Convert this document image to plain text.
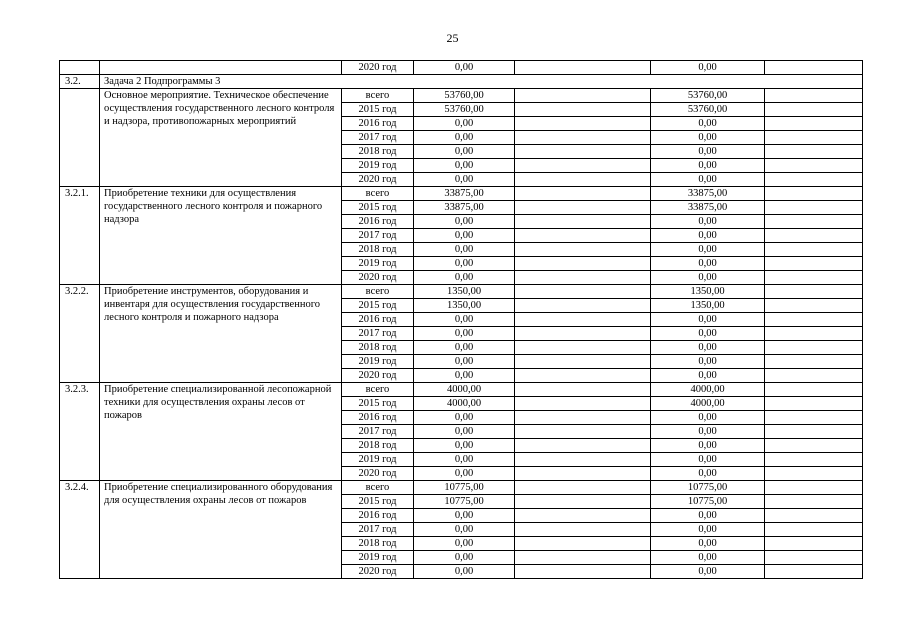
25
		2020 год	0,00		0,00	
3.2.	Задача 2 Подпрограммы 3					
	Основное мероприятие. Техническое обеспечение осуществления государственного лесного контроля и надзора, противопожарных мероприятий	всего	53760,00		53760,00	
		2015 год	53760,00		53760,00	
		2016 год	0,00		0,00	
		2017 год	0,00		0,00	
		2018 год	0,00		0,00	
		2019 год	0,00		0,00	
		2020 год	0,00		0,00	
3.2.1.	Приобретение техники для осуществления государственного лесного контроля и пожарного надзора	всего	33875,00		33875,00	
		2015 год	33875,00		33875,00	
		2016 год	0,00		0,00	
		2017 год	0,00		0,00	
		2018 год	0,00		0,00	
		2019 год	0,00		0,00	
		2020 год	0,00		0,00	
3.2.2.	Приобретение инструментов, оборудования и инвентаря для осуществления государственного лесного контроля и пожарного надзора	всего	1350,00		1350,00	
		2015 год	1350,00		1350,00	
		2016 год	0,00		0,00	
		2017 год	0,00		0,00	
		2018 год	0,00		0,00	
		2019 год	0,00		0,00	
		2020 год	0,00		0,00	
3.2.3.	Приобретение специализированной лесопожарной техники для осуществления охраны лесов от пожаров	всего	4000,00		4000,00	
		2015 год	4000,00		4000,00	
		2016 год	0,00		0,00	
		2017 год	0,00		0,00	
		2018 год	0,00		0,00	
		2019 год	0,00		0,00	
		2020 год	0,00		0,00	
3.2.4.	Приобретение специализированного оборудования для осуществления охраны лесов от пожаров	всего	10775,00		10775,00	
		2015 год	10775,00		10775,00	
		2016 год	0,00		0,00	
		2017 год	0,00		0,00	
		2018 год	0,00		0,00	
		2019 год	0,00		0,00	
		2020 год	0,00		0,00	
